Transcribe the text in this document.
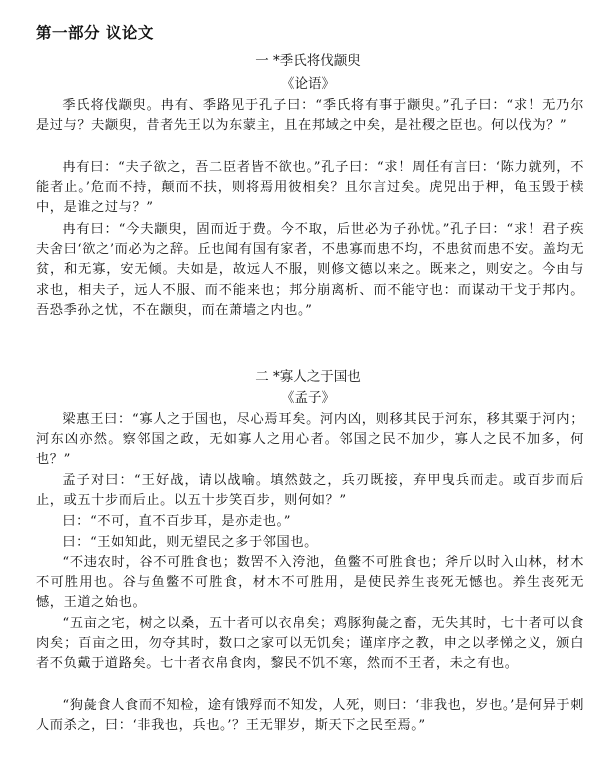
第一部分 议论文
一 *季氏将伐颛臾
《论语》

季氏将伐颛臾。冉有、季路见于孔子曰：“季氏将有事于颛臾。”孔子曰：“求！无乃尔是过与？夫颛臾，昔者先王以为东蒙主，且在邦域之中矣，是社稷之臣也。何以伐为？”

冉有曰：“夫子欲之，吾二臣者皆不欲也。”孔子曰：“求！周任有言曰：‘陈力就列，不能者止。’危而不持，颠而不扶，则将焉用彼相矣？且尔言过矣。虎兕出于柙，龟玉毁于椟中，是谁之过与？”

冉有曰：“今夫颛臾，固而近于费。今不取，后世必为子孙忧。”孔子曰：“求！君子疾夫舍曰‘欲之’而必为之辞。丘也闻有国有家者，不患寡而患不均，不患贫而患不安。盖均无贫，和无寡，安无倾。夫如是，故远人不服，则修文德以来之。既来之，则安之。今由与求也，相夫子，远人不服、而不能来也；邦分崩离析、而不能守也：而谋动干戈于邦内。吾恐季孙之忧，不在颛臾，而在萧墙之内也。”

二 *寡人之于国也
《孟子》

梁惠王曰：“寡人之于国也，尽心焉耳矣。河内凶，则移其民于河东，移其粟于河内；河东凶亦然。察邻国之政，无如寡人之用心者。邻国之民不加少，寡人之民不加多，何也？”

孟子对曰：“王好战，请以战喻。填然鼓之，兵刃既接，弃甲曳兵而走。或百步而后止，或五十步而后止。以五十步笑百步，则何如？”

曰：“不可，直不百步耳，是亦走也。”

曰：“王如知此，则无望民之多于邻国也。

“不违农时，谷不可胜食也；数罟不入洿池，鱼鳖不可胜食也；斧斤以时入山林，材木不可胜用也。谷与鱼鳖不可胜食，材木不可胜用，是使民养生丧死无憾也。养生丧死无憾，王道之始也。

“五亩之宅，树之以桑，五十者可以衣帛矣；鸡豚狗彘之畜，无失其时，七十者可以食肉矣；百亩之田，勿夺其时，数口之家可以无饥矣；谨庠序之教，申之以孝悌之义，颁白者不负戴于道路矣。七十者衣帛食肉，黎民不饥不寒，然而不王者，未之有也。

“狗彘食人食而不知检，途有饿殍而不知发，人死，则曰：‘非我也，岁也。’是何异于刺人而杀之，曰：‘非我也，兵也。’？王无罪岁，斯天下之民至焉。”
